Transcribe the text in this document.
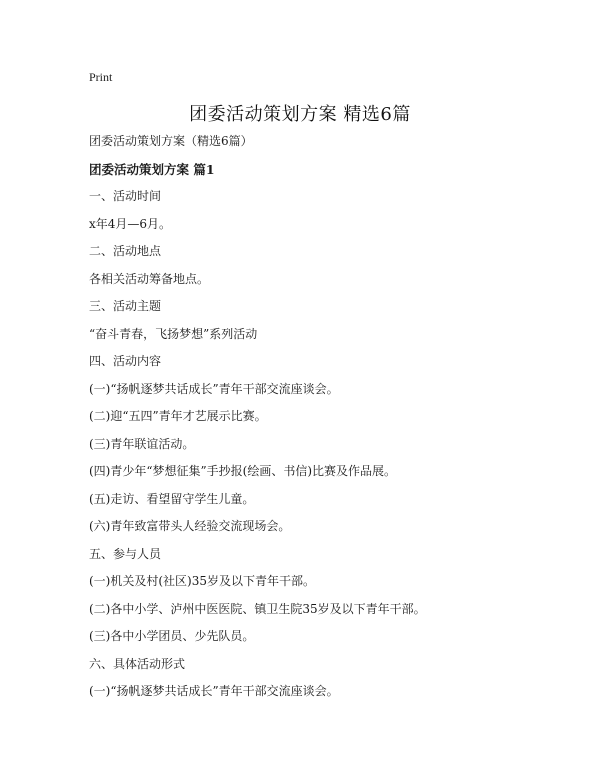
Print
团委活动策划方案 精选6篇
团委活动策划方案（精选6篇）
团委活动策划方案 篇1
一、活动时间
x年4月—6月。
二、活动地点
各相关活动筹备地点。
三、活动主题
“奋斗青春，飞扬梦想”系列活动
四、活动内容
(一)“扬帆逐梦共话成长”青年干部交流座谈会。
(二)迎“五四”青年才艺展示比赛。
(三)青年联谊活动。
(四)青少年“梦想征集”手抄报(绘画、书信)比赛及作品展。
(五)走访、看望留守学生儿童。
(六)青年致富带头人经验交流现场会。
五、参与人员
(一)机关及村(社区)35岁及以下青年干部。
(二)各中小学、泸州中医医院、镇卫生院35岁及以下青年干部。
(三)各中小学团员、少先队员。
六、具体活动形式
(一)“扬帆逐梦共话成长”青年干部交流座谈会。
